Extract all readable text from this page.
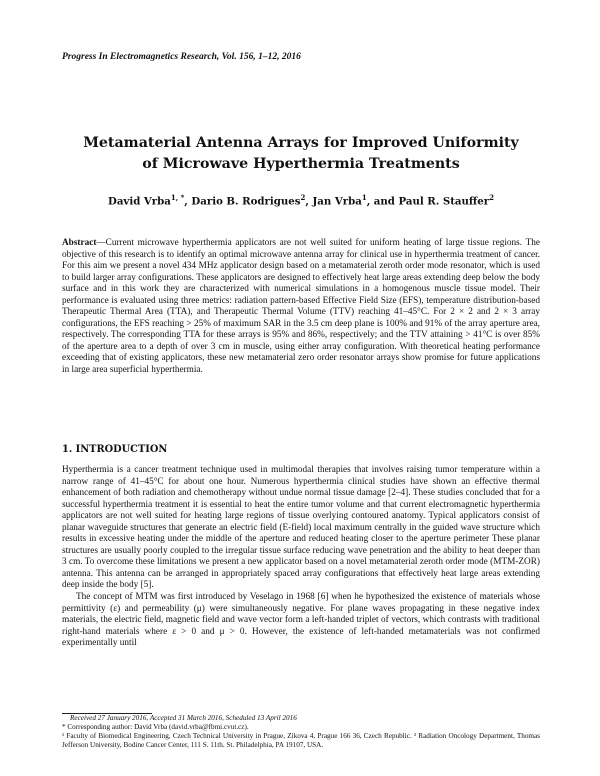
Progress In Electromagnetics Research, Vol. 156, 1–12, 2016
Metamaterial Antenna Arrays for Improved Uniformity
of Microwave Hyperthermia Treatments
David Vrba$^{1, *}$, Dario B. Rodrigues$^2$, Jan Vrba$^1$, and Paul R. Stauffer$^2$
Abstract—Current microwave hyperthermia applicators are not well suited for uniform heating of large tissue regions. The objective of this research is to identify an optimal microwave antenna array for clinical use in hyperthermia treatment of cancer. For this aim we present a novel 434 MHz applicator design based on a metamaterial zeroth order mode resonator, which is used to build larger array configurations. These applicators are designed to effectively heat large areas extending deep below the body surface and in this work they are characterized with numerical simulations in a homogenous muscle tissue model. Their performance is evaluated using three metrics: radiation pattern-based Effective Field Size (EFS), temperature distribution-based Therapeutic Thermal Area (TTA), and Therapeutic Thermal Volume (TTV) reaching 41–45°C. For 2 × 2 and 2 × 3 array configurations, the EFS reaching > 25% of maximum SAR in the 3.5 cm deep plane is 100% and 91% of the array aperture area, respectively. The corresponding TTA for these arrays is 95% and 86%, respectively; and the TTV attaining > 41°C is over 85% of the aperture area to a depth of over 3 cm in muscle, using either array configuration. With theoretical heating performance exceeding that of existing applicators, these new metamaterial zero order resonator arrays show promise for future applications in large area superficial hyperthermia.
1. INTRODUCTION

Hyperthermia is a cancer treatment technique used in multimodal therapies that involves raising tumor temperature within a narrow range of 41–45°C for about one hour. Numerous hyperthermia clinical studies have shown an effective thermal enhancement of both radiation and chemotherapy without undue normal tissue damage [2–4]. These studies concluded that for a successful hyperthermia treatment it is essential to heat the entire tumor volume and that current electromagnetic hyperthermia applicators are not well suited for heating large regions of tissue overlying contoured anatomy. Typical applicators consist of planar waveguide structures that generate an electric field (E-field) local maximum centrally in the guided wave structure which results in excessive heating under the middle of the aperture and reduced heating closer to the aperture perimeter These planar structures are usually poorly coupled to the irregular tissue surface reducing wave penetration and the ability to heat deeper than 3 cm. To overcome these limitations we present a new applicator based on a novel metamaterial zeroth order mode (MTM-ZOR) antenna. This antenna can be arranged in appropriately spaced array configurations that effectively heat large areas extending deep inside the body [5].

The concept of MTM was first introduced by Veselago in 1968 [6] when he hypothesized the existence of materials whose permittivity (ε) and permeability (μ) were simultaneously negative. For plane waves propagating in these negative index materials, the electric field, magnetic field and wave vector form a left-handed triplet of vectors, which contrasts with traditional right-hand materials where ε > 0 and μ > 0. However, the existence of left-handed metamaterials was not confirmed experimentally until

Received 27 January 2016, Accepted 31 March 2016, Scheduled 13 April 2016
* Corresponding author: David Vrba (david.vrba@fbmi.cvut.cz).
¹ Faculty of Biomedical Engineering, Czech Technical University in Prague, Zikova 4, Prague 166 36, Czech Republic. ² Radiation Oncology Department, Thomas Jefferson University, Bodine Cancer Center, 111 S. 11th. St. Philadelphia, PA 19107, USA.
